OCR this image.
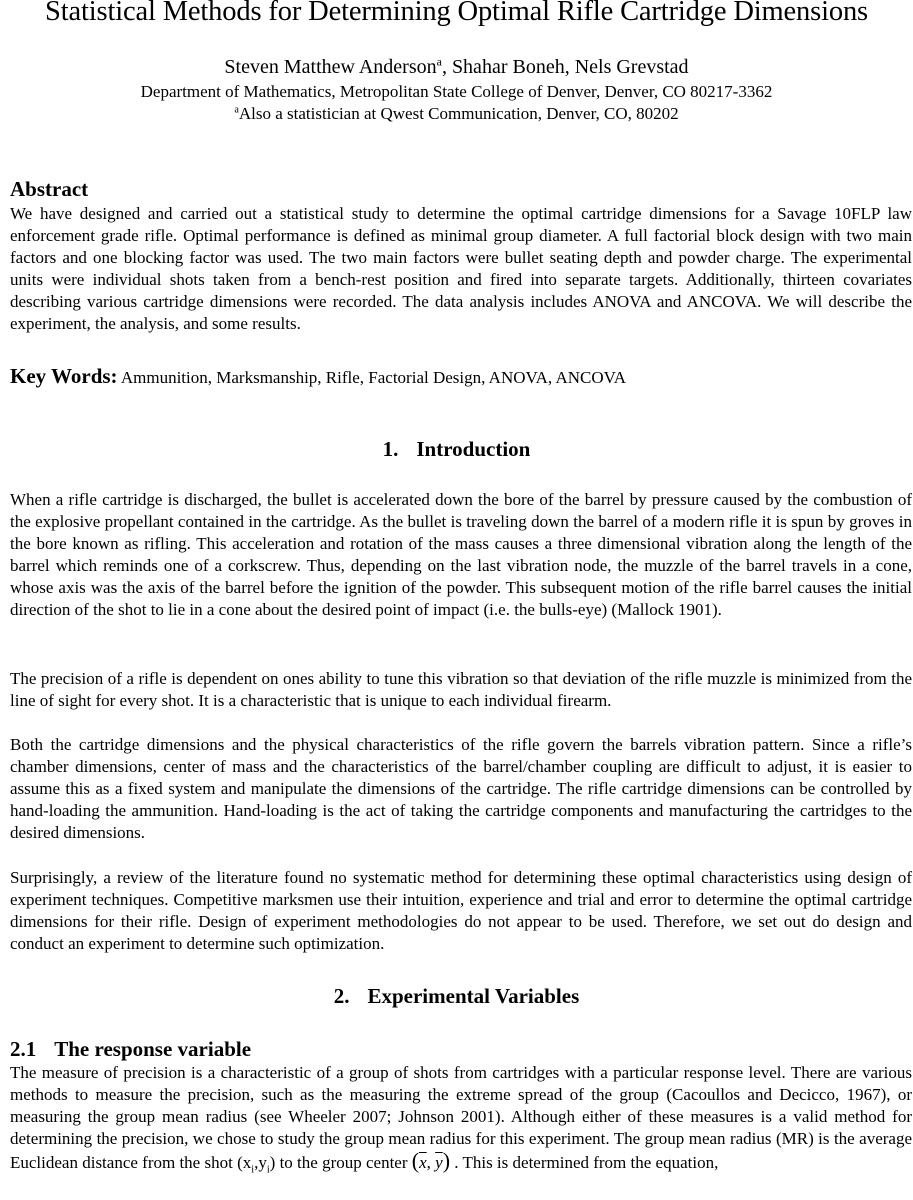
Statistical Methods for Determining Optimal Rifle Cartridge Dimensions
Steven Matthew Anderson$^a$, Shahar Boneh, Nels Grevstad
Department of Mathematics, Metropolitan State College of Denver, Denver, CO 80217-3362
$^a$Also a statistician at Qwest Communication, Denver, CO, 80202
Abstract

We have designed and carried out a statistical study to determine the optimal cartridge dimensions for a Savage 10FLP law enforcement grade rifle. Optimal performance is defined as minimal group diameter. A full factorial block design with two main factors and one blocking factor was used. The two main factors were bullet seating depth and powder charge. The experimental units were individual shots taken from a bench-rest position and fired into separate targets. Additionally, thirteen covariates describing various cartridge dimensions were recorded. The data analysis includes ANOVA and ANCOVA. We will describe the experiment, the analysis, and some results.

Key Words: Ammunition, Marksmanship, Rifle, Factorial Design, ANOVA, ANCOVA
1. Introduction

When a rifle cartridge is discharged, the bullet is accelerated down the bore of the barrel by pressure caused by the combustion of the explosive propellant contained in the cartridge. As the bullet is traveling down the barrel of a modern rifle it is spun by groves in the bore known as rifling. This acceleration and rotation of the mass causes a three dimensional vibration along the length of the barrel which reminds one of a corkscrew. Thus, depending on the last vibration node, the muzzle of the barrel travels in a cone, whose axis was the axis of the barrel before the ignition of the powder. This subsequent motion of the rifle barrel causes the initial direction of the shot to lie in a cone about the desired point of impact (i.e. the bulls-eye) (Mallock 1901).

The precision of a rifle is dependent on ones ability to tune this vibration so that deviation of the rifle muzzle is minimized from the line of sight for every shot. It is a characteristic that is unique to each individual firearm.

Both the cartridge dimensions and the physical characteristics of the rifle govern the barrels vibration pattern. Since a rifle’s chamber dimensions, center of mass and the characteristics of the barrel/chamber coupling are difficult to adjust, it is easier to assume this as a fixed system and manipulate the dimensions of the cartridge. The rifle cartridge dimensions can be controlled by hand-loading the ammunition. Hand-loading is the act of taking the cartridge components and manufacturing the cartridges to the desired dimensions.

Surprisingly, a review of the literature found no systematic method for determining these optimal characteristics using design of experiment techniques. Competitive marksmen use their intuition, experience and trial and error to determine the optimal cartridge dimensions for their rifle. Design of experiment methodologies do not appear to be used. Therefore, we set out do design and conduct an experiment to determine such optimization.

2. Experimental Variables
2.1 The response variable

The measure of precision is a characteristic of a group of shots from cartridges with a particular response level. There are various methods to measure the precision, such as the measuring the extreme spread of the group (Cacoullos and Decicco, 1967), or measuring the group mean radius (see Wheeler 2007; Johnson 2001). Although either of these measures is a valid method for determining the precision, we chose to study the group mean radius for this experiment. The group mean radius (MR) is the average Euclidean distance from the shot $(x_i,y_i)$ to the group center ($\overline{x}$, $\overline{y}$) . This is determined from the equation,
